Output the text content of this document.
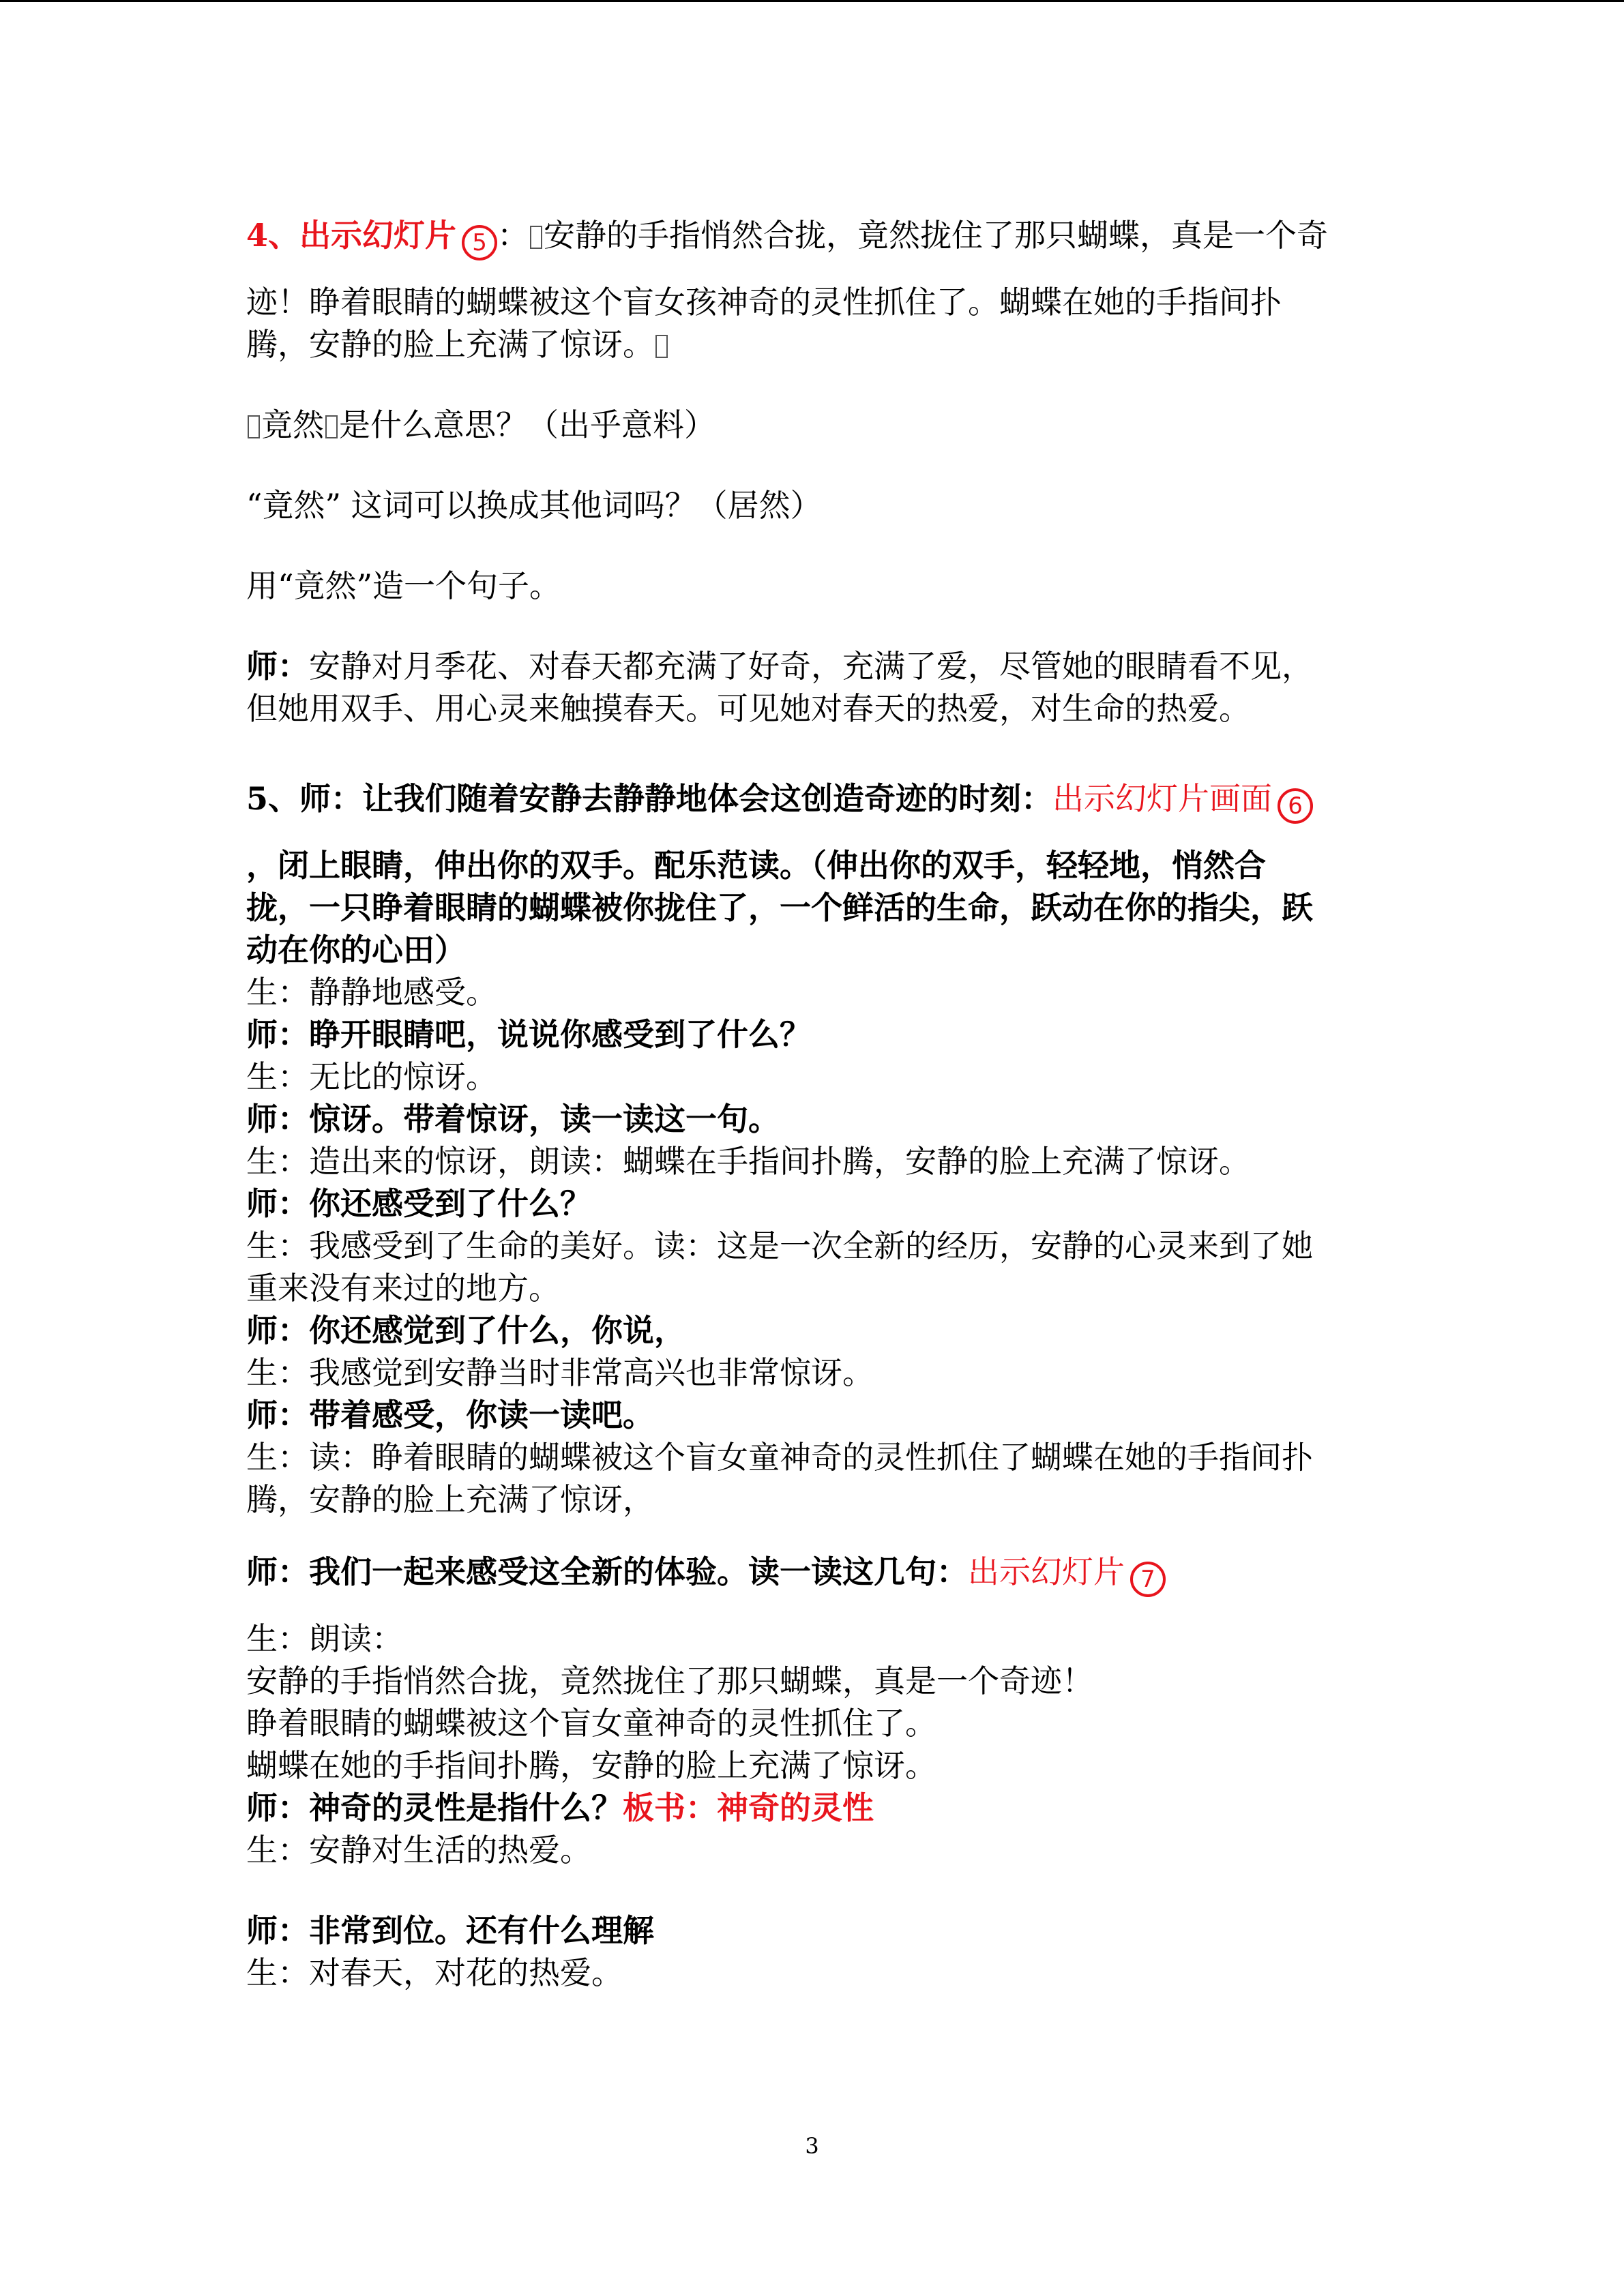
4、出示幻灯片 5 ： 安静的手指悄然合拢，竟然拢住了那只蝴蝶，真是一个奇

迹！睁着眼睛的蝴蝶被这个盲女孩神奇的灵性抓住了。蝴蝶在她的手指间扑

腾，安静的脸上充满了惊讶。

竟然 是什么意思？（出乎意料）

“竟然” 这词可以换成其他词吗？（居然）

用“竟然”造一个句子。

师：安静对月季花、对春天都充满了好奇，充满了爱，尽管她的眼睛看不见，

但她用双手、用心灵来触摸春天。可见她对春天的热爱，对生命的热爱。

5、师：让我们随着安静去静静地体会这创造奇迹的时刻：出示幻灯片画面 6

，闭上眼睛，伸出你的双手。配乐范读。（伸出你的双手，轻轻地，悄然合

拢，一只睁着眼睛的蝴蝶被你拢住了，一个鲜活的生命，跃动在你的指尖，跃

动在你的心田）

生：静静地感受。

师：睁开眼睛吧，说说你感受到了什么？

生：无比的惊讶。

师：惊讶。带着惊讶，读一读这一句。

生：造出来的惊讶，朗读：蝴蝶在手指间扑腾，安静的脸上充满了惊讶。

师：你还感受到了什么？

生：我感受到了生命的美好。读：这是一次全新的经历，安静的心灵来到了她

重来没有来过的地方。

师：你还感觉到了什么，你说，

生：我感觉到安静当时非常高兴也非常惊讶。

师：带着感受，你读一读吧。

生：读：睁着眼睛的蝴蝶被这个盲女童神奇的灵性抓住了蝴蝶在她的手指间扑

腾，安静的脸上充满了惊讶，

师：我们一起来感受这全新的体验。读一读这几句：出示幻灯片 7

生：朗读：

安静的手指悄然合拢，竟然拢住了那只蝴蝶，真是一个奇迹！

睁着眼睛的蝴蝶被这个盲女童神奇的灵性抓住了。

蝴蝶在她的手指间扑腾，安静的脸上充满了惊讶。

师：神奇的灵性是指什么？板书：神奇的灵性

生：安静对生活的热爱。

师：非常到位。还有什么理解

生：对春天，对花的热爱。

3
